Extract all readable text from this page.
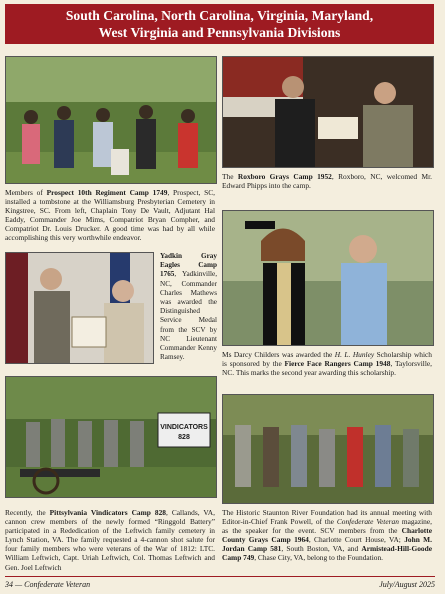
South Carolina, North Carolina, Virginia, Maryland,
West Virginia and Pennsylvania Divisions
Members of Prospect 10th Regiment Camp 1749, Prospect, SC, installed a tombstone at the Williamsburg Presbyterian Cemetery in Kingstree, SC. From left, Chaplain Tony De Vault, Adjutant Hal Eaddy, Commander Joe Mims, Compatriot Bryan Compher, and Compatriot Dr. Louis Drucker. A good time was had by all while accomplishing this very worthwhile endeavor.
The Roxboro Grays Camp 1952, Roxboro, NC, welcomed Mr. Edward Phipps into the camp.
Yadkin Gray Eagles Camp 1765, Yadkinville, NC, Commander Charles Mathews was awarded the Distinguished Service Medal from the SCV by NC Lieutenant Commander Kenny Ramsey.	Ms Darcy Childers was awarded the H. L. Hunley Scholarship which is sponsored by the Fierce Face Rangers Camp 1948, Taylorsville, NC. This marks the second year awarding this scholarship.
VINDICATORS
828
Recently, the Pittsylvania Vindicators Camp 828, Callands, VA, cannon crew members of the newly formed “Ringgold Battery” participated in a Rededication of the Leftwich family cemetery in Lynch Station, VA. The family requested a 4-cannon shot salute for four family members who were veterans of the War of 1812: LTC. William Leftwich, Capt. Uriah Leftwich, Col. Thomas Leftwich and Gen. Joel Leftwich
The Historic Staunton River Foundation had its annual meeting with Editor-in-Chief Frank Powell, of the Confederate Veteran magazine, as the speaker for the event. SCV members from the Charlotte County Grays Camp 1964, Charlotte Court House, VA; John M. Jordan Camp 581, South Boston, VA, and Armistead-Hill-Goode Camp 749, Chase City, VA, belong to the Foundation.
34 — Confederate Veteran	July/August 2025
